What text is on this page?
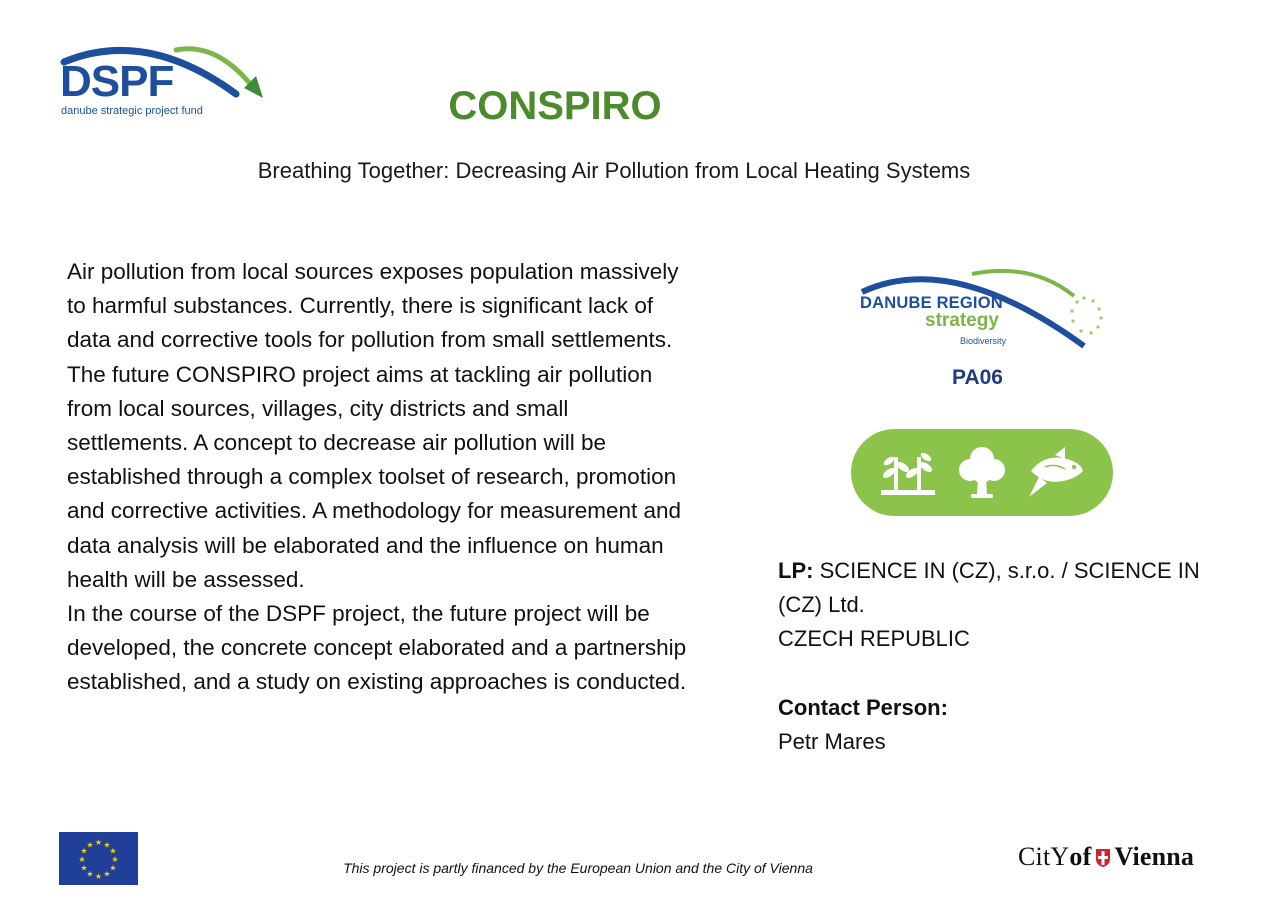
DSPF
danube strategic project fund	CONSPIRO
Breathing Together: Decreasing Air Pollution from Local Heating Systems

Air pollution from local sources exposes population massively to harmful substances. Currently, there is significant lack of data and corrective tools for pollution from small settlements.

The future CONSPIRO project aims at tackling air pollution from local sources, villages, city districts and small settlements. A concept to decrease air pollution will be established through a complex toolset of research, promotion and corrective activities. A methodology for measurement and data analysis will be elaborated and the influence on human health will be assessed.

In the course of the DSPF project, the future project will be developed, the concrete concept elaborated and a partnership established, and a study on existing approaches is conducted.

DANUBE REGION
strategy
Biodiversity
PA06

LP: SCIENCE IN (CZ), s.r.o. / SCIENCE IN (CZ) Ltd.

CZECH REPUBLIC

Contact Person:

Petr Mares

★ ★
★
★
★
★
★
★
★
★
★
★
This project is partly financed by the European Union and the City of Vienna	CitYof Vienna
